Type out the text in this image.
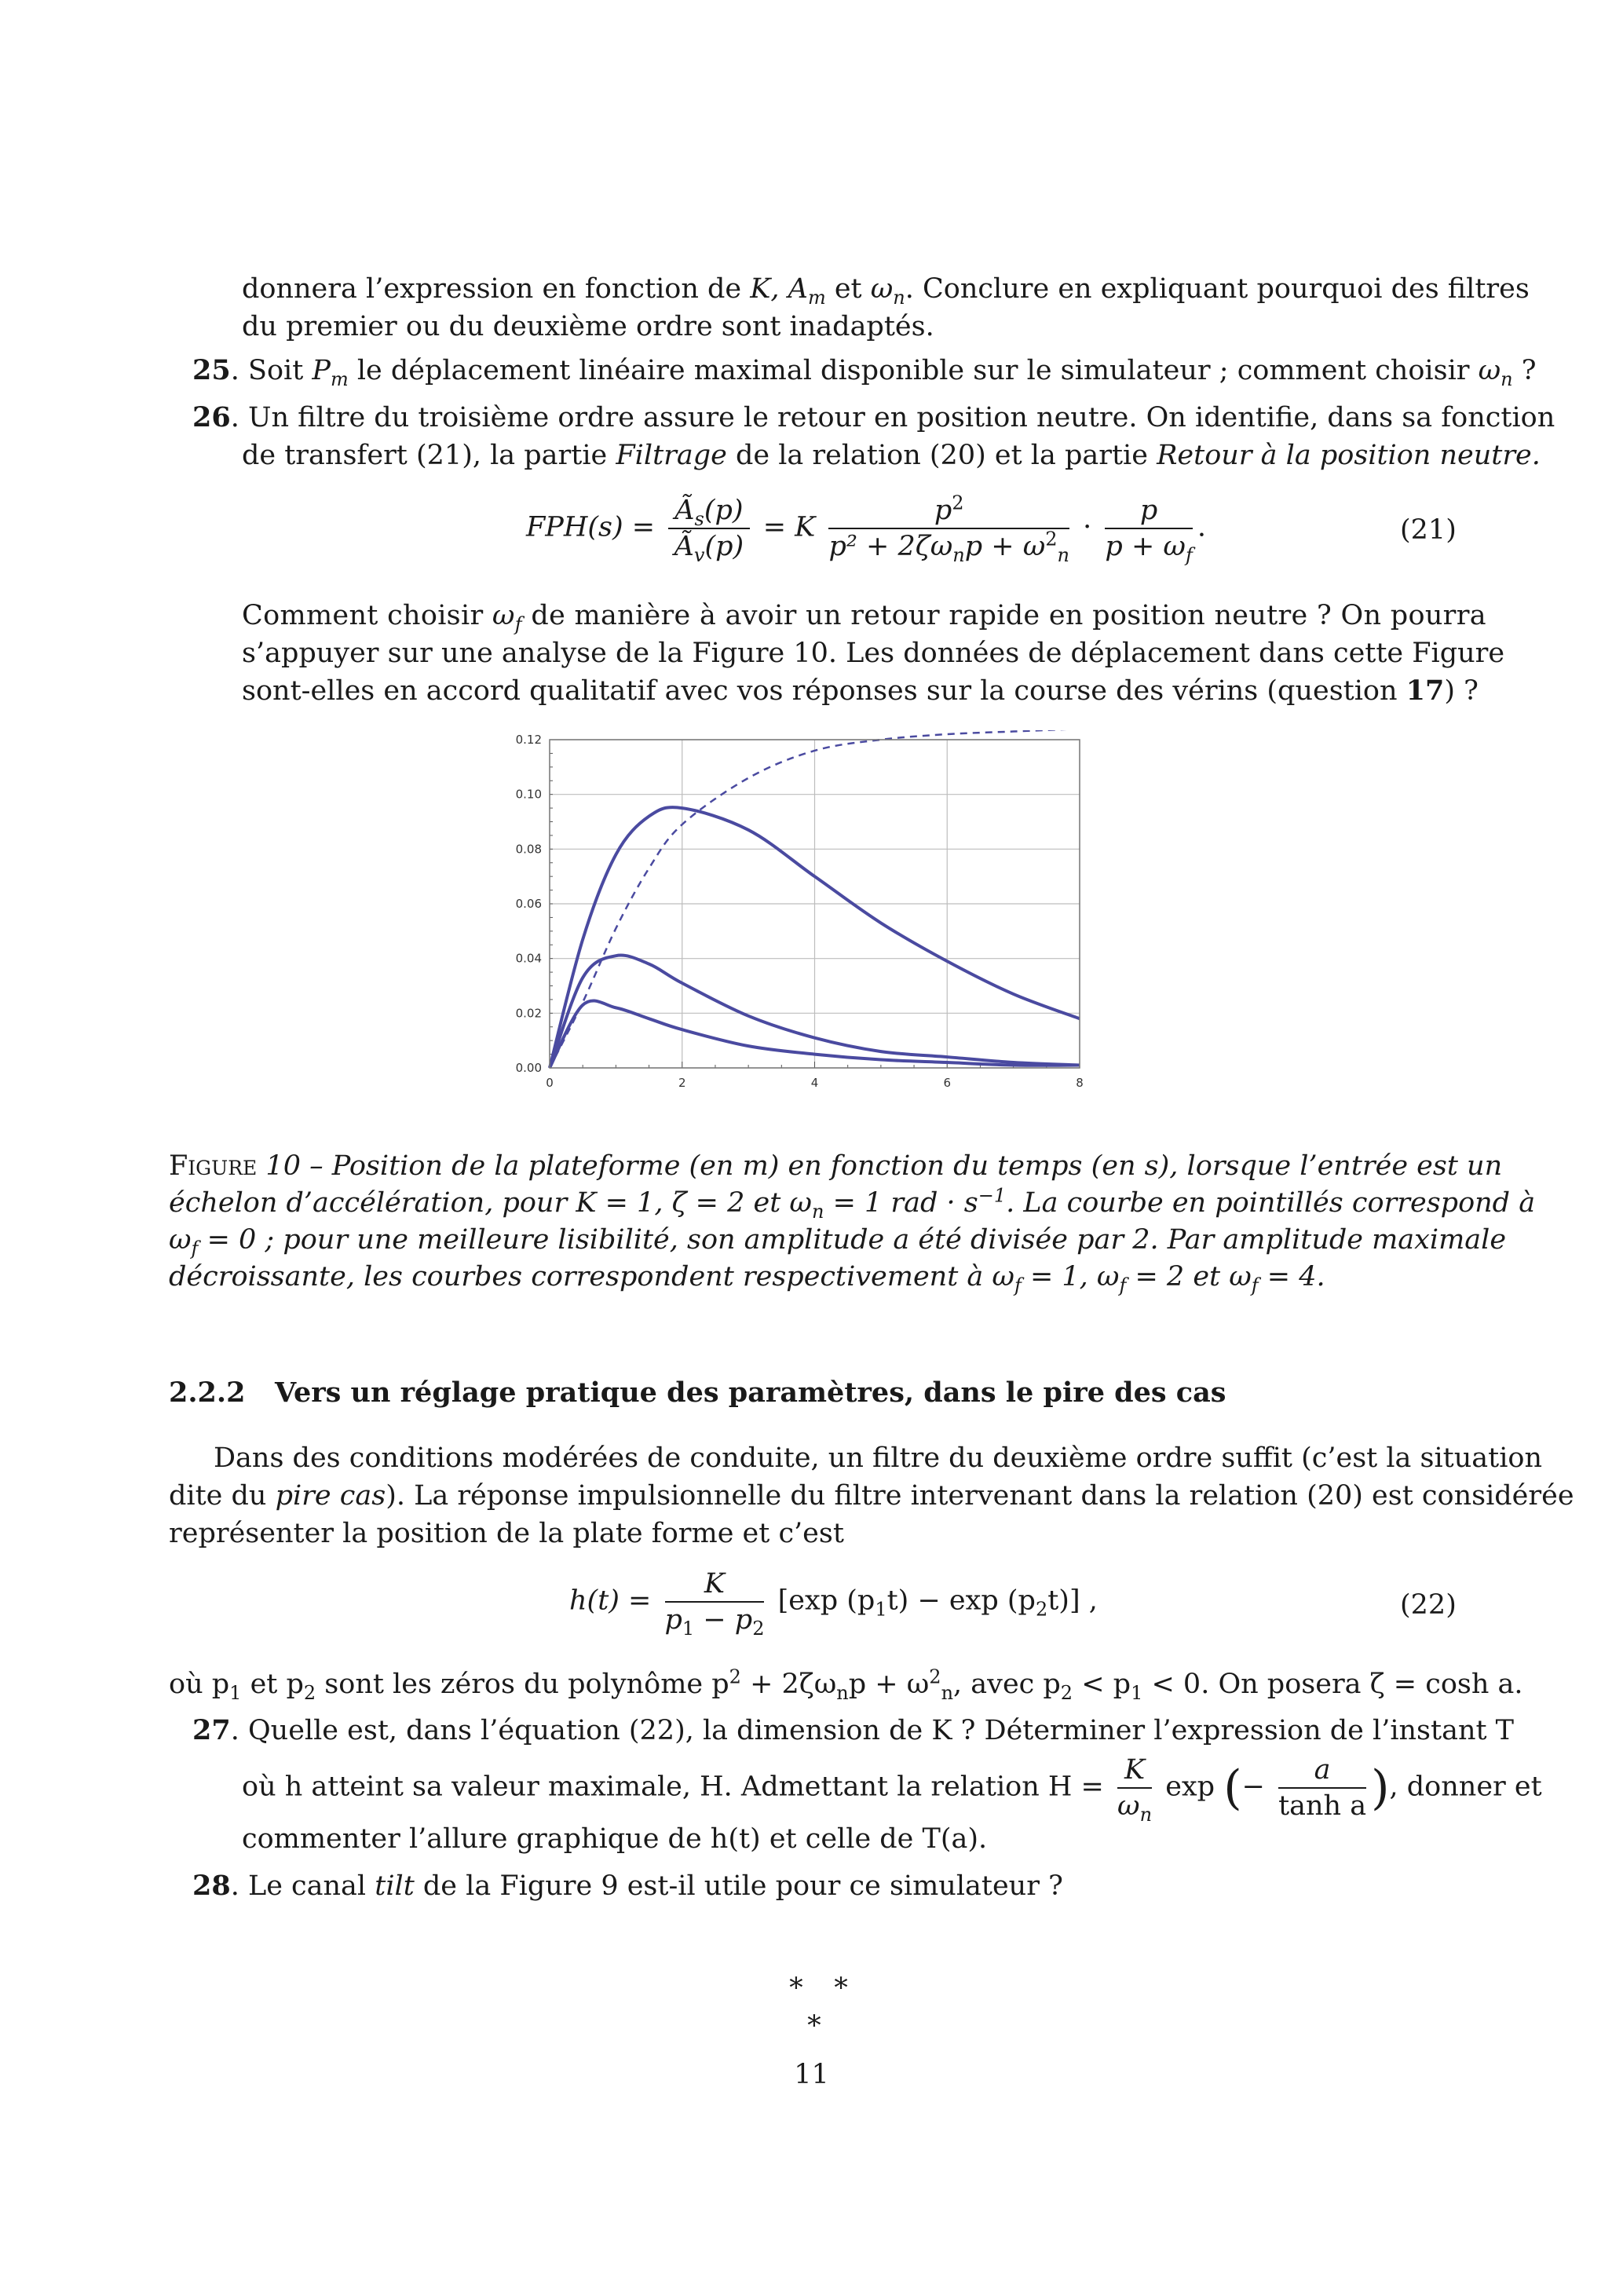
donnera l’expression en fonction de K, $A_m$ et $\omega_n$. Conclure en expliquant pourquoi des filtres

du premier ou du deuxième ordre sont inadaptés.

25. Soit $P_m$ le déplacement linéaire maximal disponible sur le simulateur ; comment choisir $\omega_n$ ?

26. Un filtre du troisième ordre assure le retour en position neutre. On identifie, dans sa fonction

de transfert (21), la partie Filtrage de la relation (20) et la partie Retour à la position neutre.

$FPH(s) = \frac{Ã_s(p)}{Ã_v(p)} = K \frac{p^2}{p^2 + 2\zeta\omega_np + \omega^2_n} \cdot \frac{p}{p + \omega_f}$ .	(21)

Comment choisir $\omega_f$ de manière à avoir un retour rapide en position neutre ? On pourra

s’appuyer sur une analyse de la Figure 10. Les données de déplacement dans cette Figure

sont-elles en accord qualitatif avec vos réponses sur la course des vérins (question 17) ?

0.00
0.02
0.04
0.06
0.08
0.10
0.12
0	2	4	6	8
Figure 10 – Position de la plateforme (en m) en fonction du temps (en s), lorsque l’entrée est un
échelon d’accélération, pour K = 1, ζ = 2 et $\omega_n = 1$ rad · $s^{-1}$. La courbe en pointillés correspond à
$\omega_f = 0$ ; pour une meilleure lisibilité, son amplitude a été divisée par 2. Par amplitude maximale
décroissante, les courbes correspondent respectivement à $\omega_f = 1$, $\omega_f = 2$ et $\omega_f = 4$.
2.2.2 Vers un réglage pratique des paramètres, dans le pire des cas

Dans des conditions modérées de conduite, un filtre du deuxième ordre suffit (c’est la situation

dite du pire cas). La réponse impulsionnelle du filtre intervenant dans la relation (20) est considérée

représenter la position de la plate forme et c’est

$h(t) = \frac{K}{p_1 - p_2} [\exp$ $(p_1t) - \exp (p_2t)$] ,	(22)

où $p_1$ et $p_2$ sont les zéros du polynôme $p^2 + 2\zeta\omega_np + \omega^2_n$, avec $p_2 < p_1 < 0$. On posera ζ = cosh a.

27. Quelle est, dans l’équation (22), la dimension de K ? Déterminer l’expression de l’instant T

où h atteint sa valeur maximale, H. Admettant la relation $H = \frac{K}{\omega_n}$ exp (− $\frac{a}{\text{tanh a}}$ ), donner et

commenter l’allure graphique de h(t) et celle de T(a).

28. Le canal tilt de la Figure 9 est-il utile pour ce simulateur ?

∗   ∗
∗
11
